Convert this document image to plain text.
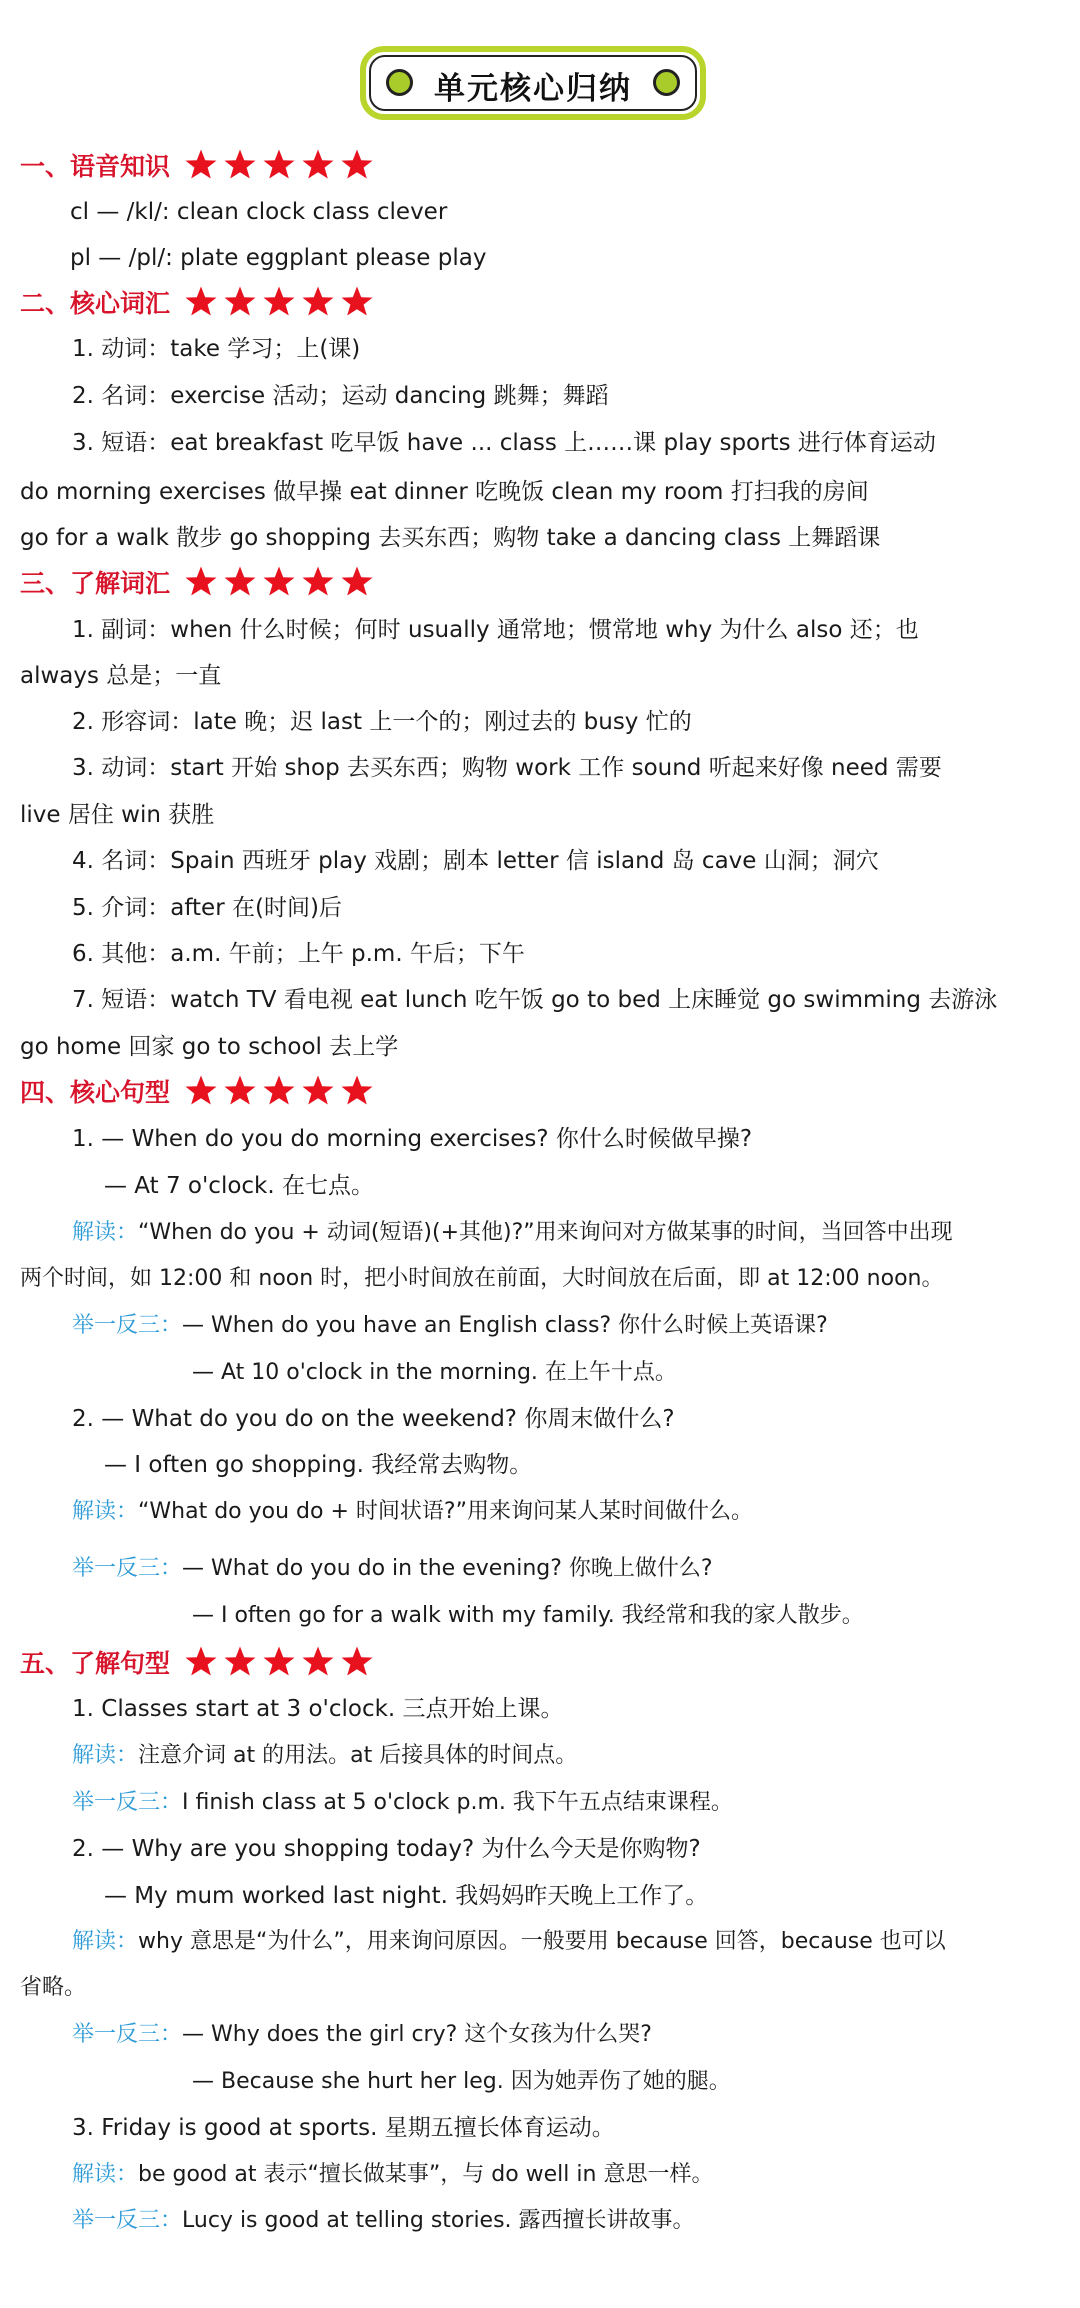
单元核心归纳
一、语音知识
cl — /kl/: clean clock class clever
pl — /pl/: plate eggplant please play
二、核心词汇
1. 动词：take 学习；上(课)
2. 名词：exercise 活动；运动 dancing 跳舞；舞蹈
3. 短语：eat breakfast 吃早饭 have ... class 上……课 play sports 进行体育运动
do morning exercises 做早操 eat dinner 吃晚饭 clean my room 打扫我的房间
go for a walk 散步 go shopping 去买东西；购物 take a dancing class 上舞蹈课
三、了解词汇
1. 副词：when 什么时候；何时 usually 通常地；惯常地 why 为什么 also 还；也
always 总是；一直
2. 形容词：late 晚；迟 last 上一个的；刚过去的 busy 忙的
3. 动词：start 开始 shop 去买东西；购物 work 工作 sound 听起来好像 need 需要
live 居住 win 获胜
4. 名词：Spain 西班牙 play 戏剧；剧本 letter 信 island 岛 cave 山洞；洞穴
5. 介词：after 在(时间)后
6. 其他：a.m. 午前；上午 p.m. 午后；下午
7. 短语：watch TV 看电视 eat lunch 吃午饭 go to bed 上床睡觉 go swimming 去游泳
go home 回家 go to school 去上学
四、核心句型
1. — When do you do morning exercises? 你什么时候做早操?
— At 7 o'clock. 在七点。
解读：“When do you + 动词(短语)(+其他)?”用来询问对方做某事的时间，当回答中出现
两个时间，如 12:00 和 noon 时，把小时间放在前面，大时间放在后面，即 at 12:00 noon。
举一反三：— When do you have an English class? 你什么时候上英语课?
— At 10 o'clock in the morning. 在上午十点。
2. — What do you do on the weekend? 你周末做什么?
— I often go shopping. 我经常去购物。
解读：“What do you do + 时间状语?”用来询问某人某时间做什么。
举一反三：— What do you do in the evening? 你晚上做什么?
— I often go for a walk with my family. 我经常和我的家人散步。
五、了解句型
1. Classes start at 3 o'clock. 三点开始上课。
解读：注意介词 at 的用法。at 后接具体的时间点。
举一反三：I finish class at 5 o'clock p.m. 我下午五点结束课程。
2. — Why are you shopping today? 为什么今天是你购物?
— My mum worked last night. 我妈妈昨天晚上工作了。
解读：why 意思是“为什么”，用来询问原因。一般要用 because 回答，because 也可以
省略。
举一反三：— Why does the girl cry? 这个女孩为什么哭?
— Because she hurt her leg. 因为她弄伤了她的腿。
3. Friday is good at sports. 星期五擅长体育运动。
解读：be good at 表示“擅长做某事”，与 do well in 意思一样。
举一反三：Lucy is good at telling stories. 露西擅长讲故事。
